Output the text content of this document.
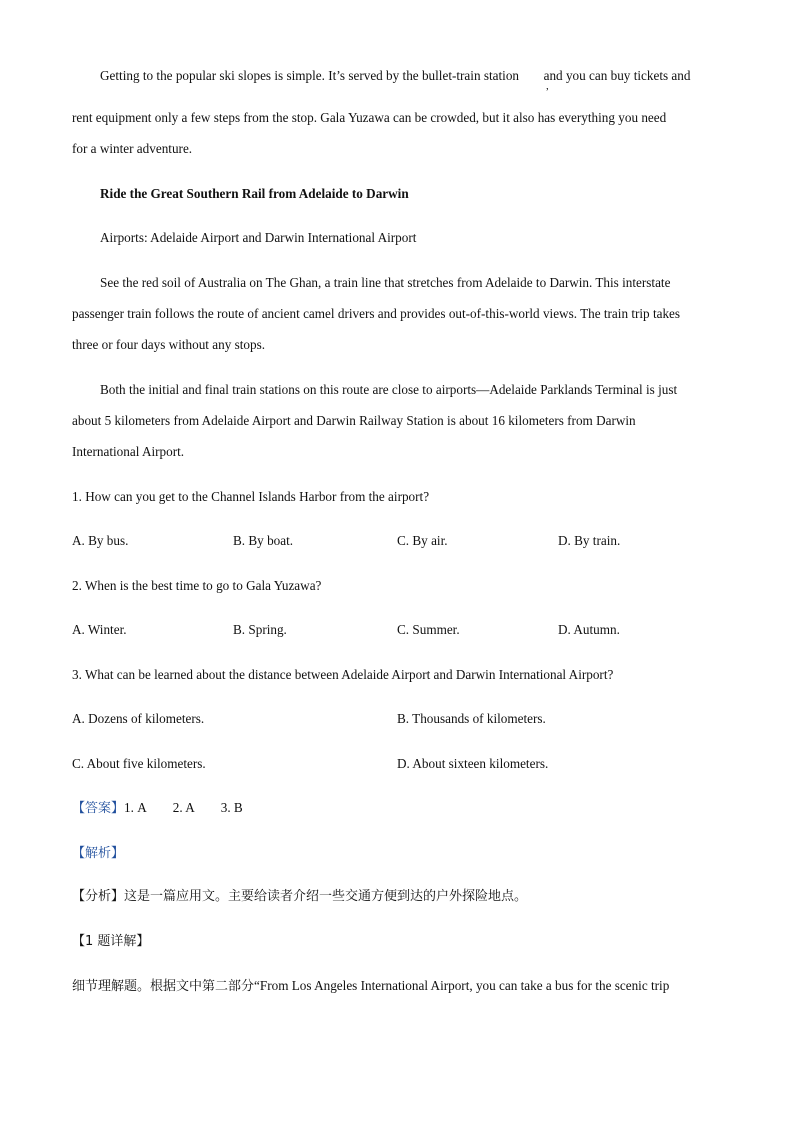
Getting to the popular ski slopes is simple. It’s served by the bullet-train station and you can buy tickets and
,
rent equipment only a few steps from the stop. Gala Yuzawa can be crowded, but it also has everything you need
for a winter adventure.
Ride the Great Southern Rail from Adelaide to Darwin
Airports: Adelaide Airport and Darwin International Airport
See the red soil of Australia on The Ghan, a train line that stretches from Adelaide to Darwin. This interstate
passenger train follows the route of ancient camel drivers and provides out-of-this-world views. The train trip takes
three or four days without any stops.
Both the initial and final train stations on this route are close to airports—Adelaide Parklands Terminal is just
about 5 kilometers from Adelaide Airport and Darwin Railway Station is about 16 kilometers from Darwin
International Airport.
1. How can you get to the Channel Islands Harbor from the airport?
A. By bus.	B. By boat.	C. By air.	D. By train.
2. When is the best time to go to Gala Yuzawa?
A. Winter.	B. Spring.	C. Summer.	D. Autumn.
3. What can be learned about the distance between Adelaide Airport and Darwin International Airport?
A. Dozens of kilometers.	B. Thousands of kilometers.
C. About five kilometers.	D. About sixteen kilometers.
【答案】1. A 2. A 3. B
【解析】
【分析】这是一篇应用文。主要给读者介绍一些交通方便到达的户外探险地点。
【1 题详解】
细节理解题。根据文中第二部分“From Los Angeles International Airport, you can take a bus for the scenic trip
